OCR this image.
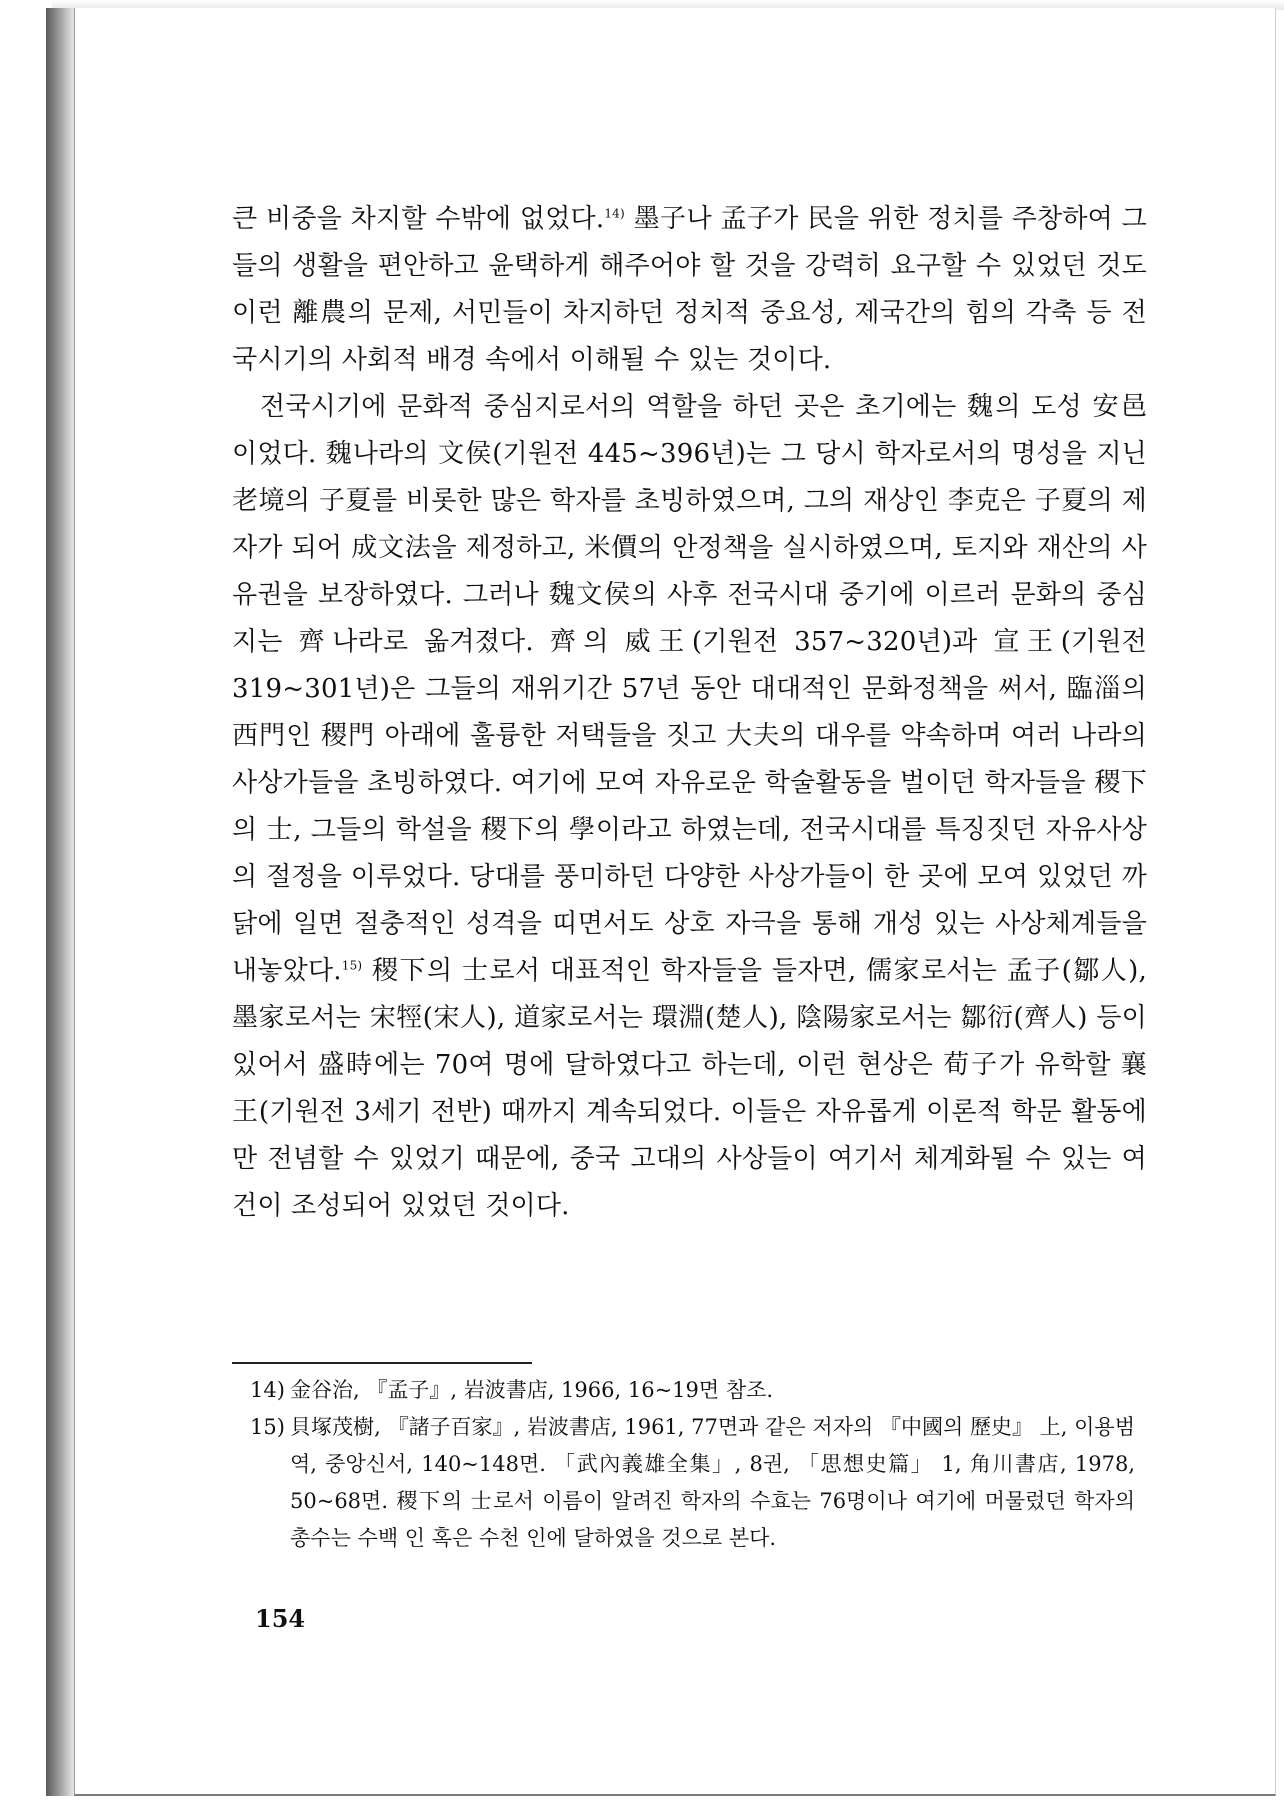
큰 비중을 차지할 수밖에 없었다.$^{14)}$ 墨子나 孟子가 民을 위한 정치를 주창하여 그들의 생활을 편안하고 윤택하게 해주어야 할 것을 강력히 요구할 수 있었던 것도 이런 離農의 문제, 서민들이 차지하던 정치적 중요성, 제국간의 힘의 각축 등 전국시기의 사회적 배경 속에서 이해될 수 있는 것이다.

전국시기에 문화적 중심지로서의 역할을 하던 곳은 초기에는 魏의 도성 安邑이었다. 魏나라의 文侯(기원전 445~396년)는 그 당시 학자로서의 명성을 지닌 老境의 子夏를 비롯한 많은 학자를 초빙하였으며, 그의 재상인 李克은 子夏의 제자가 되어 成文法을 제정하고, 米價의 안정책을 실시하였으며, 토지와 재산의 사유권을 보장하였다. 그러나 魏文侯의 사후 전국시대 중기에 이르러 문화의 중심지는 齊나라로 옮겨졌다. 齊의 威王(기원전 357~320년)과 宣王(기원전 319~301년)은 그들의 재위기간 57년 동안 대대적인 문화정책을 써서, 臨淄의 西門인 稷門 아래에 훌륭한 저택들을 짓고 大夫의 대우를 약속하며 여러 나라의 사상가들을 초빙하였다. 여기에 모여 자유로운 학술활동을 벌이던 학자들을 稷下의 士, 그들의 학설을 稷下의 學이라고 하였는데, 전국시대를 특징짓던 자유사상의 절정을 이루었다. 당대를 풍미하던 다양한 사상가들이 한 곳에 모여 있었던 까닭에 일면 절충적인 성격을 띠면서도 상호 자극을 통해 개성 있는 사상체계들을 내놓았다.$^{15)}$ 稷下의 士로서 대표적인 학자들을 들자면, 儒家로서는 孟子(鄒人), 墨家로서는 宋牼(宋人), 道家로서는 環淵(楚人), 陰陽家로서는 鄒衍(齊人) 등이 있어서 盛時에는 70여 명에 달하였다고 하는데, 이런 현상은 荀子가 유학할 襄王(기원전 3세기 전반) 때까지 계속되었다. 이들은 자유롭게 이론적 학문 활동에만 전념할 수 있었기 때문에, 중국 고대의 사상들이 여기서 체계화될 수 있는 여건이 조성되어 있었던 것이다.

14) 金谷治, 『孟子』, 岩波書店, 1966, 16~19면 참조.
15) 貝塚茂樹, 『諸子百家』, 岩波書店, 1961, 77면과 같은 저자의 『中國의 歷史』 上, 이용범 역, 중앙신서, 140~148면. 「武內義雄全集」, 8권, 「思想史篇」 1, 角川書店, 1978, 50~68면. 稷下의 士로서 이름이 알려진 학자의 수효는 76명이나 여기에 머물렀던 학자의 총수는 수백 인 혹은 수천 인에 달하였을 것으로 본다.
154
